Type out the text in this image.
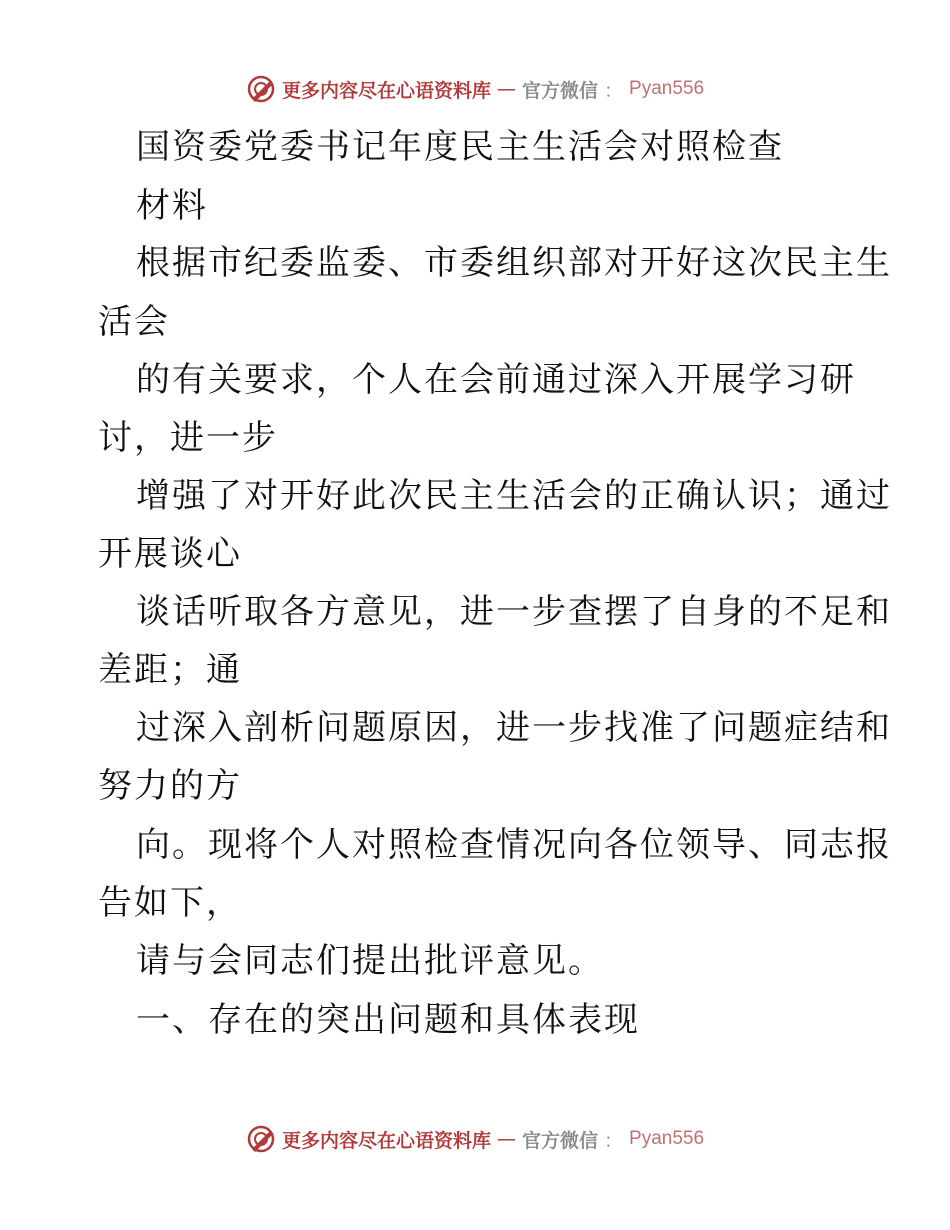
更多内容尽在心语资料库 — 官方微信 ： Pyan556
国资委党委书记年度民主生活会对照检查
材料
根据市纪委监委、市委组织部对开好这次民主生
活会
的有关要求，个人在会前通过深入开展学习研
讨，进一步
增强了对开好此次民主生活会的正确认识；通过
开展谈心
谈话听取各方意见，进一步查摆了自身的不足和
差距；通
过深入剖析问题原因，进一步找准了问题症结和
努力的方
向。现将个人对照检查情况向各位领导、同志报
告如下，
请与会同志们提出批评意见。
一、存在的突出问题和具体表现
更多内容尽在心语资料库 — 官方微信 ： Pyan556
